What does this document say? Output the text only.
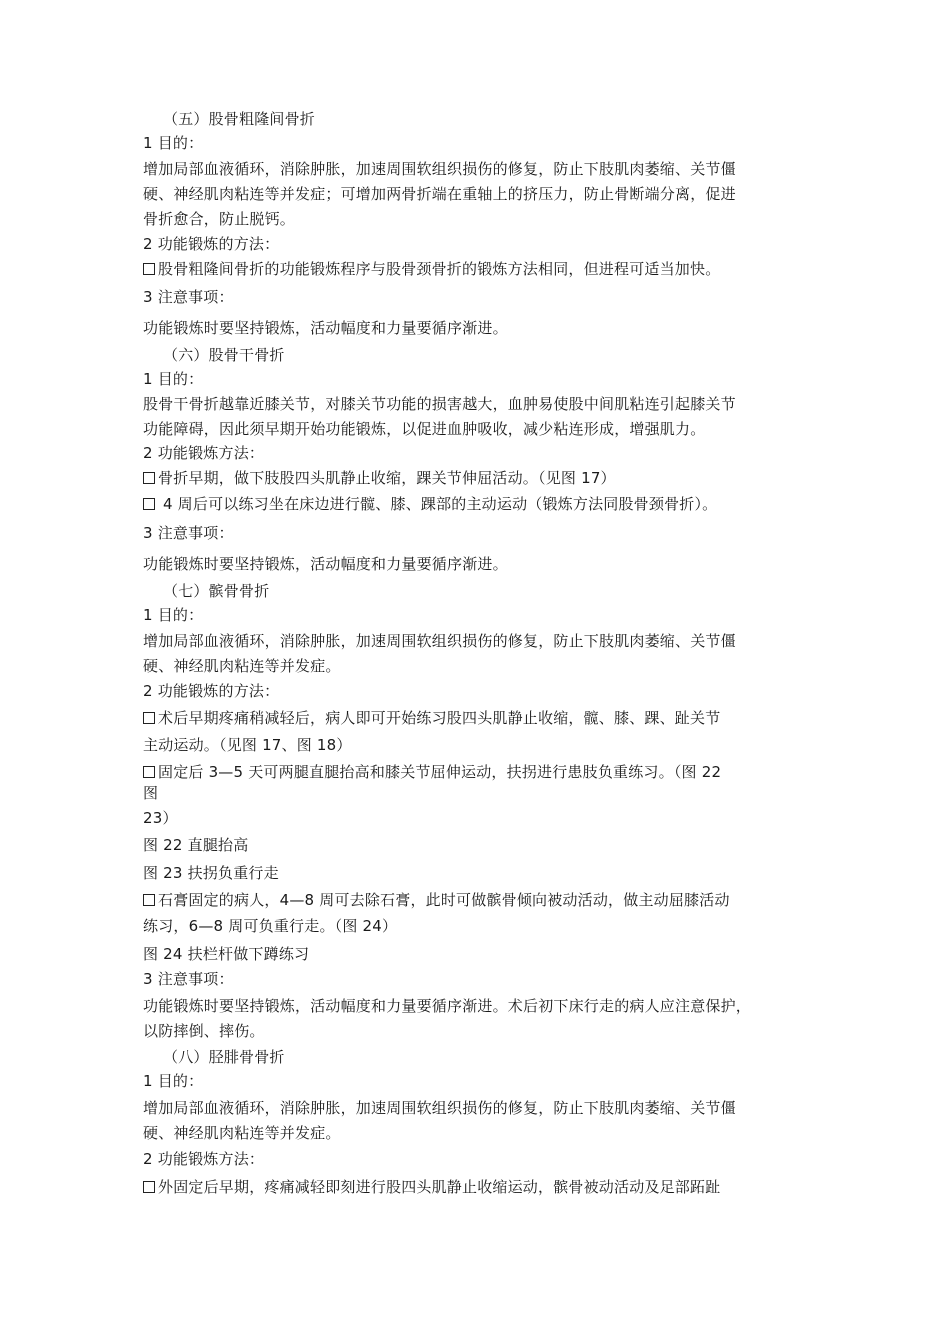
（五）股骨粗隆间骨折
1 目的：
增加局部血液循环，消除肿胀，加速周围软组织损伤的修复，防止下肢肌肉萎缩、关节僵
硬、神经肌肉粘连等并发症；可增加两骨折端在重轴上的挤压力，防止骨断端分离，促进
骨折愈合，防止脱钙。
2 功能锻炼的方法：
股骨粗隆间骨折的功能锻炼程序与股骨颈骨折的锻炼方法相同，但进程可适当加快。
3 注意事项：
功能锻炼时要坚持锻炼，活动幅度和力量要循序渐进。
（六）股骨干骨折
1 目的：
股骨干骨折越靠近膝关节，对膝关节功能的损害越大，血肿易使股中间肌粘连引起膝关节
功能障碍，因此须早期开始功能锻炼，以促进血肿吸收，减少粘连形成，增强肌力。
2 功能锻炼方法：
骨折早期，做下肢股四头肌静止收缩，踝关节伸屈活动。（见图 17）
4 周后可以练习坐在床边进行髋、膝、踝部的主动运动（锻炼方法同股骨颈骨折）。
3 注意事项：
功能锻炼时要坚持锻炼，活动幅度和力量要循序渐进。
（七）髌骨骨折
1 目的：
增加局部血液循环，消除肿胀，加速周围软组织损伤的修复，防止下肢肌肉萎缩、关节僵
硬、神经肌肉粘连等并发症。
2 功能锻炼的方法：
术后早期疼痛稍减轻后，病人即可开始练习股四头肌静止收缩，髋、膝、踝、趾关节
主动运动。（见图 17、图 18）
固定后 3—5 天可两腿直腿抬高和膝关节屈伸运动，扶拐进行患肢负重练习。（图 22
图
23）
图 22 直腿抬高
图 23 扶拐负重行走
石膏固定的病人，4—8 周可去除石膏，此时可做髌骨倾向被动活动，做主动屈膝活动
练习，6—8 周可负重行走。（图 24）
图 24 扶栏杆做下蹲练习
3 注意事项：
功能锻炼时要坚持锻炼，活动幅度和力量要循序渐进。术后初下床行走的病人应注意保护，
以防摔倒、摔伤。
（八）胫腓骨骨折
1 目的：
增加局部血液循环，消除肿胀，加速周围软组织损伤的修复，防止下肢肌肉萎缩、关节僵
硬、神经肌肉粘连等并发症。
2 功能锻炼方法：
外固定后早期，疼痛减轻即刻进行股四头肌静止收缩运动，髌骨被动活动及足部跖趾
